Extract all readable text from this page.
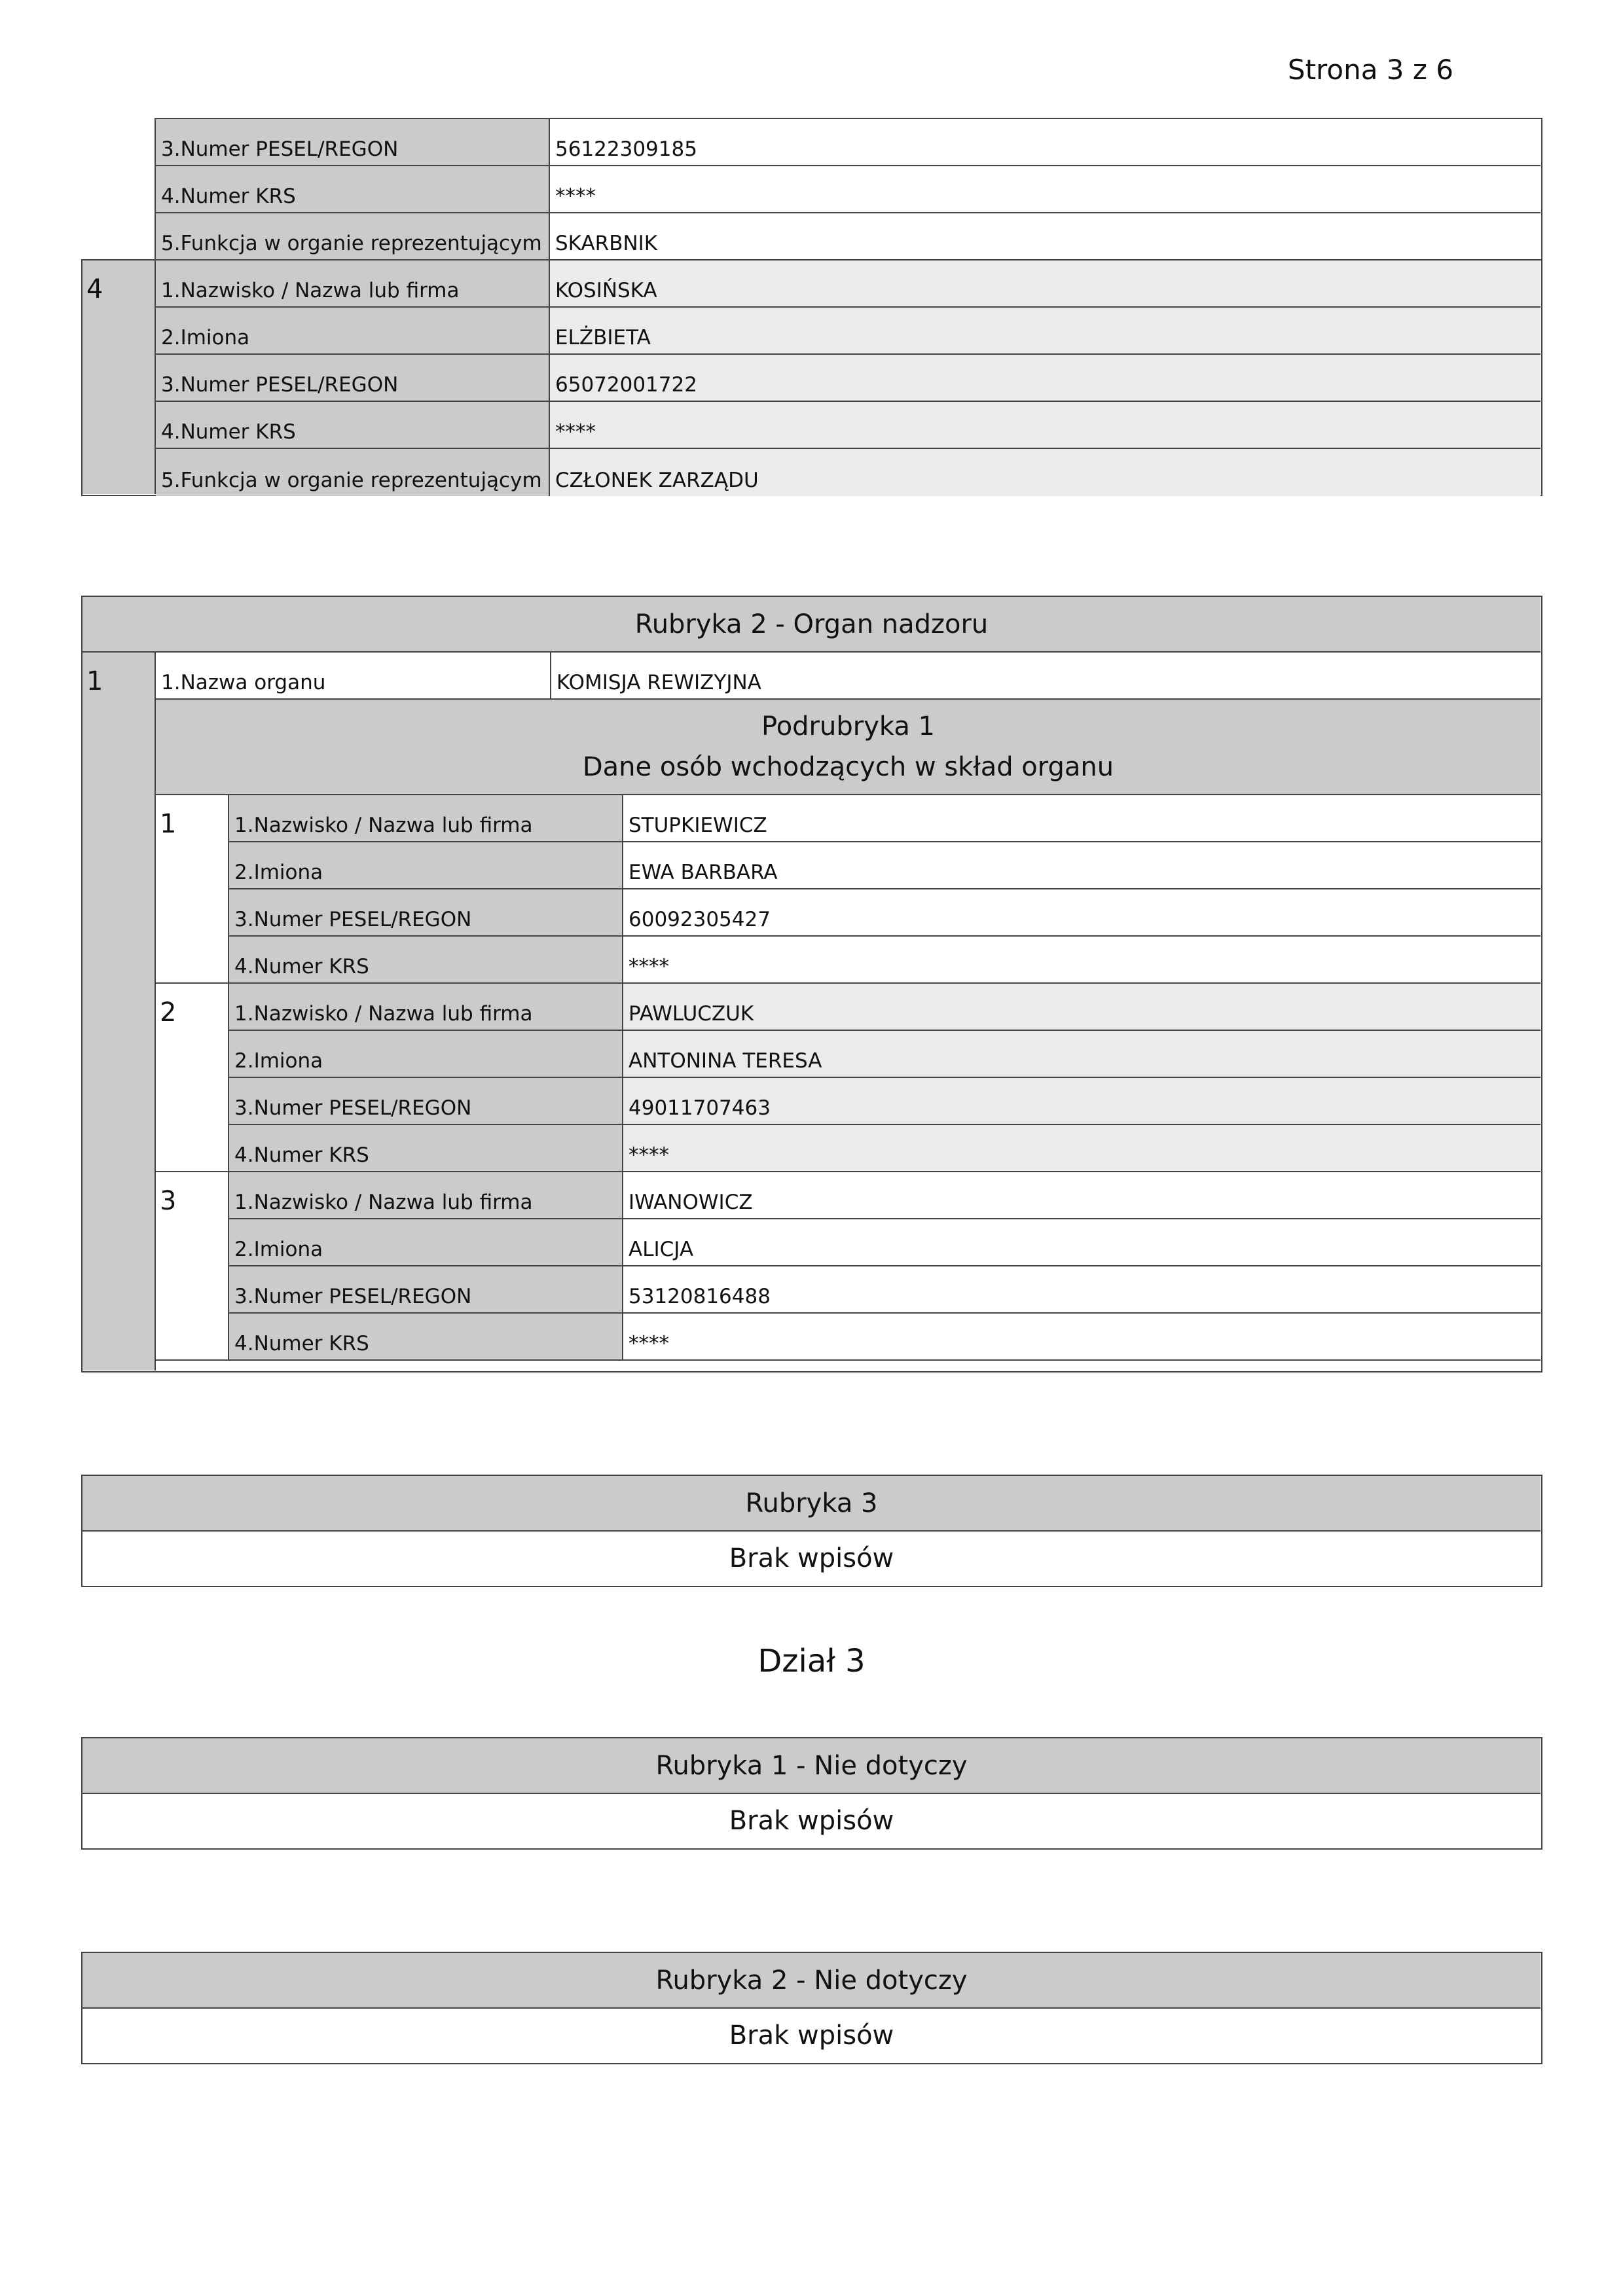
Strona 3 z 6
3.Numer PESEL/REGON	56122309185
4.Numer KRS	****
5.Funkcja w organie reprezentującym SKARBNIK
4	1.Nazwisko / Nazwa lub firma	KOSIŃSKA
2.Imiona	ELŻBIETA
3.Numer PESEL/REGON	65072001722
4.Numer KRS	****
5.Funkcja w organie reprezentującym CZŁONEK ZARZĄDU
Rubryka 2 - Organ nadzoru
1	1.Nazwa organu	KOMISJA REWIZYJNA
Podrubryka 1
Dane osób wchodzących w skład organu
1	1.Nazwisko / Nazwa lub firma	STUPKIEWICZ
2.Imiona	EWA BARBARA
3.Numer PESEL/REGON	60092305427
4.Numer KRS	****
2	1.Nazwisko / Nazwa lub firma	PAWLUCZUK
2.Imiona	ANTONINA TERESA
3.Numer PESEL/REGON	49011707463
4.Numer KRS	****
3	1.Nazwisko / Nazwa lub firma	IWANOWICZ
2.Imiona	ALICJA
3.Numer PESEL/REGON	53120816488
4.Numer KRS	****
Rubryka 3
Brak wpisów
Dział 3
Rubryka 1 - Nie dotyczy
Brak wpisów
Rubryka 2 - Nie dotyczy
Brak wpisów
